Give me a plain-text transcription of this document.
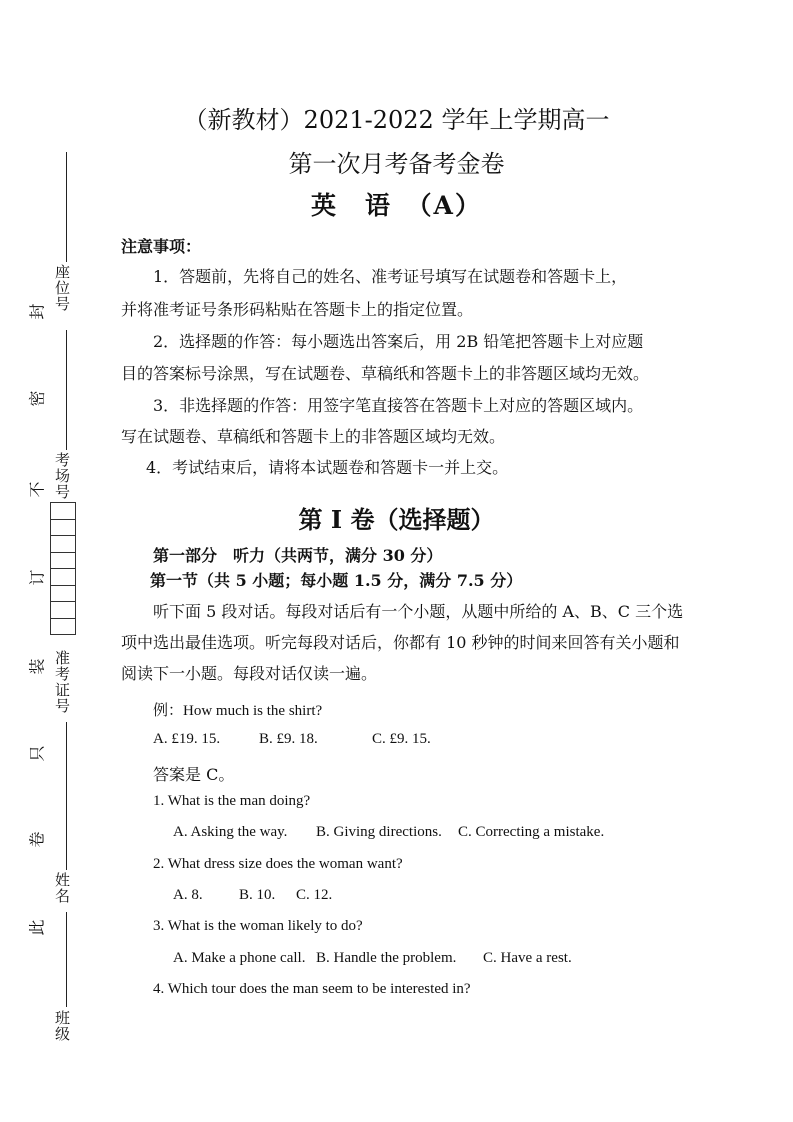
座位号
考场号
准考证号
姓名
班级
封
密
不
订
装
只
卷
此
（新教材）2021-2022 学年上学期高一
第一次月考备考金卷
英　语　（A）
注意事项：
1．答题前，先将自己的姓名、准考证号填写在试题卷和答题卡上，
并将准考证号条形码粘贴在答题卡上的指定位置。
2．选择题的作答：每小题选出答案后，用 2B 铅笔把答题卡上对应题
目的答案标号涂黑，写在试题卷、草稿纸和答题卡上的非答题区域均无效。
3．非选择题的作答：用签字笔直接答在答题卡上对应的答题区域内。
写在试题卷、草稿纸和答题卡上的非答题区域均无效。
4．考试结束后，请将本试题卷和答题卡一并上交。
第 I 卷（选择题）
第一部分　听力（共两节，满分 30 分）
第一节（共 5 小题；每小题 1.5 分，满分 7.5 分）
听下面 5 段对话。每段对话后有一个小题，从题中所给的 A、B、C 三个选
项中选出最佳选项。听完每段对话后，你都有 10 秒钟的时间来回答有关小题和
阅读下一小题。每段对话仅读一遍。
例：How much is the shirt?
A. £19. 15.	B. £9. 18.	C. £9. 15.
答案是 C。
1. What is the man doing?
A. Asking the way. B. Giving directions. C. Correcting a mistake.
2. What dress size does the woman want?
A. 8. B. 10. C. 12.
3. What is the woman likely to do?
A. Make a phone call. B. Handle the problem. C. Have a rest.
4. Which tour does the man seem to be interested in?
